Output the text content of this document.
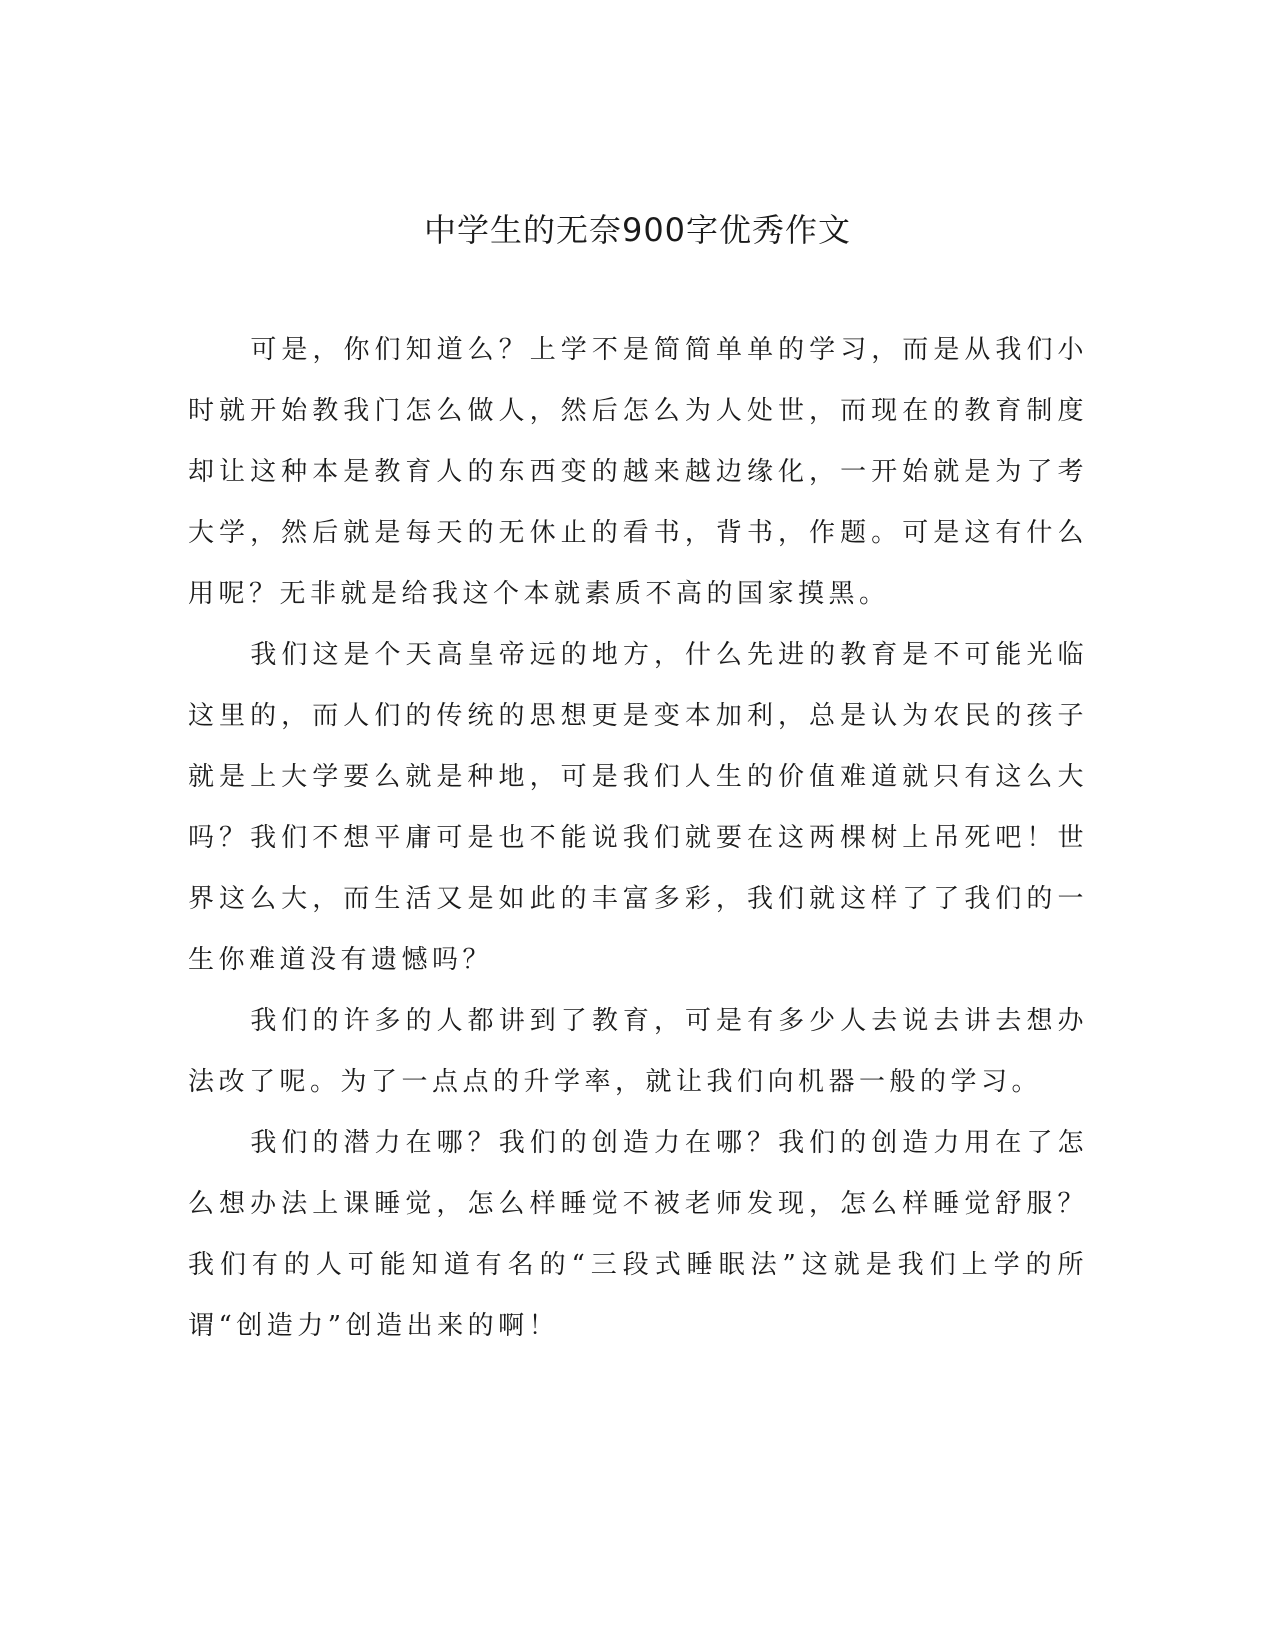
中学生的无奈900字优秀作文

可是，你们知道么？上学不是简简单单的学习，而是从我们小时就开始教我门怎么做人，然后怎么为人处世，而现在的教育制度却让这种本是教育人的东西变的越来越边缘化，一开始就是为了考大学，然后就是每天的无休止的看书，背书，作题。可是这有什么用呢？无非就是给我这个本就素质不高的国家摸黑。

我们这是个天高皇帝远的地方，什么先进的教育是不可能光临这里的，而人们的传统的思想更是变本加利，总是认为农民的孩子就是上大学要么就是种地，可是我们人生的价值难道就只有这么大吗？我们不想平庸可是也不能说我们就要在这两棵树上吊死吧！世界这么大，而生活又是如此的丰富多彩，我们就这样了了我们的一生你难道没有遗憾吗？

我们的许多的人都讲到了教育，可是有多少人去说去讲去想办法改了呢。为了一点点的升学率，就让我们向机器一般的学习。

我们的潜力在哪？我们的创造力在哪？我们的创造力用在了怎么想办法上课睡觉，怎么样睡觉不被老师发现，怎么样睡觉舒服？我们有的人可能知道有名的“三段式睡眠法”这就是我们上学的所谓“创造力”创造出来的啊！
